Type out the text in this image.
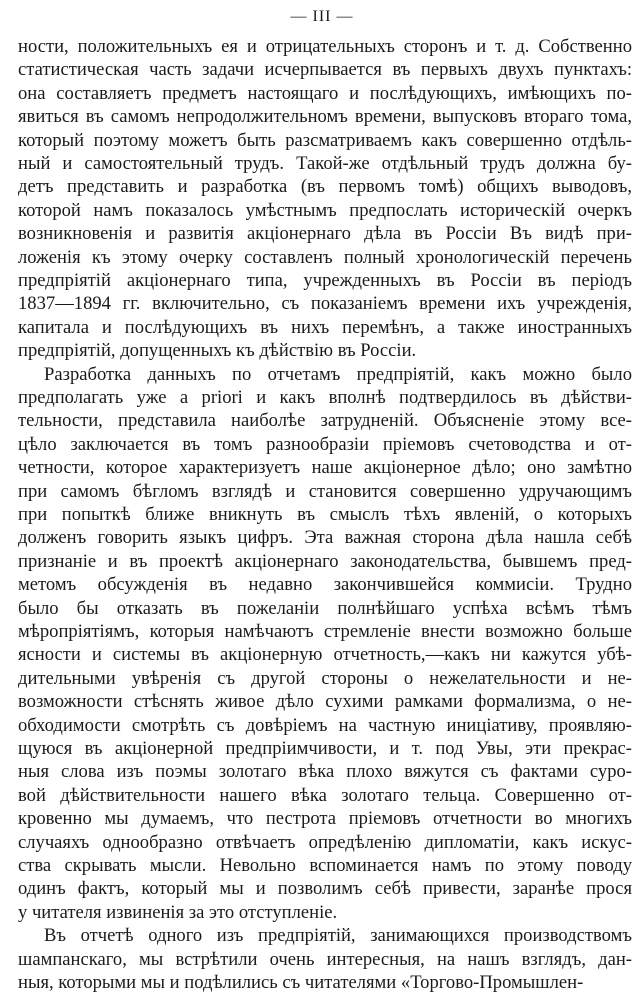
— III —
ности, положительныхъ ея и отрицательныхъ сторонъ и т. д. Собственно
статистическая часть задачи исчерпывается въ первыхъ двухъ пунктахъ:
она составляетъ предметъ настоящаго и послѣдующихъ, имѣющихъ по-
явиться въ самомъ непродолжительномъ времени, выпусковъ втораго тома,
который поэтому можетъ быть разсматриваемъ какъ совершенно отдѣль-
ный и самостоятельный трудъ. Такой-же отдѣльный трудъ должна бу-
детъ представить и разработка (въ первомъ томѣ) общихъ выводовъ,
которой намъ показалось умѣстнымъ предпослать историческій очеркъ
возникновенія и развитія акціонернаго дѣла въ Россіи Въ видѣ при-
ложенія къ этому очерку составленъ полный хронологическій перечень
предпріятій акціонернаго типа, учрежденныхъ въ Россіи въ періодъ
1837—1894 гг. включительно, съ показаніемъ времени ихъ учрежденія,
капитала и послѣдующихъ въ нихъ перемѣнъ, а также иностранныхъ
предпріятій, допущенныхъ къ дѣйствію въ Россіи.
Разработка данныхъ по отчетамъ предпріятій, какъ можно было
предполагать уже a priori и какъ вполнѣ подтвердилось въ дѣйстви-
тельности, представила наиболѣе затрудненій. Объясненіе этому все-
цѣло заключается въ томъ разнообразіи пріемовъ счетоводства и от-
четности, которое характеризуетъ наше акціонерное дѣло; оно замѣтно
при самомъ бѣгломъ взглядѣ и становится совершенно удручающимъ
при попыткѣ ближе вникнуть въ смыслъ тѣхъ явленій, о которыхъ
долженъ говорить языкъ цифръ. Эта важная сторона дѣла нашла себѣ
признаніе и въ проектѣ акціонернаго законодательства, бывшемъ пред-
метомъ обсужденія въ недавно закончившейся коммисіи. Трудно
было бы отказать въ пожеланіи полнѣйшаго успѣха всѣмъ тѣмъ
мѣропріятіямъ, которыя намѣчаютъ стремленіе внести возможно больше
ясности и системы въ акціонерную отчетность,—какъ ни кажутся убѣ-
дительными увѣренія съ другой стороны о нежелательности и не-
возможности стѣснять живое дѣло сухими рамками формализма, о не-
обходимости смотрѣть съ довѣріемъ на частную иниціативу, проявляю-
щуюся въ акціонерной предпріимчивости, и т. под Увы, эти прекрас-
ныя слова изъ поэмы золотаго вѣка плохо вяжутся съ фактами суро-
вой дѣйствительности нашего вѣка золотаго тельца. Совершенно от-
кровенно мы думаемъ, что пестрота пріемовъ отчетности во многихъ
случаяхъ однообразно отвѣчаетъ опредѣленію дипломатіи, какъ искус-
ства скрывать мысли. Невольно вспоминается намъ по этому поводу
одинъ фактъ, который мы и позволимъ себѣ привести, заранѣе прося
у читателя извиненія за это отступленіе.
Въ отчетѣ одного изъ предпріятій, занимающихся производствомъ
шампанскаго, мы встрѣтили очень интересныя, на нашъ взглядъ, дан-
ныя, которыми мы и подѣлились съ читателями «Торгово-Промышлен-
